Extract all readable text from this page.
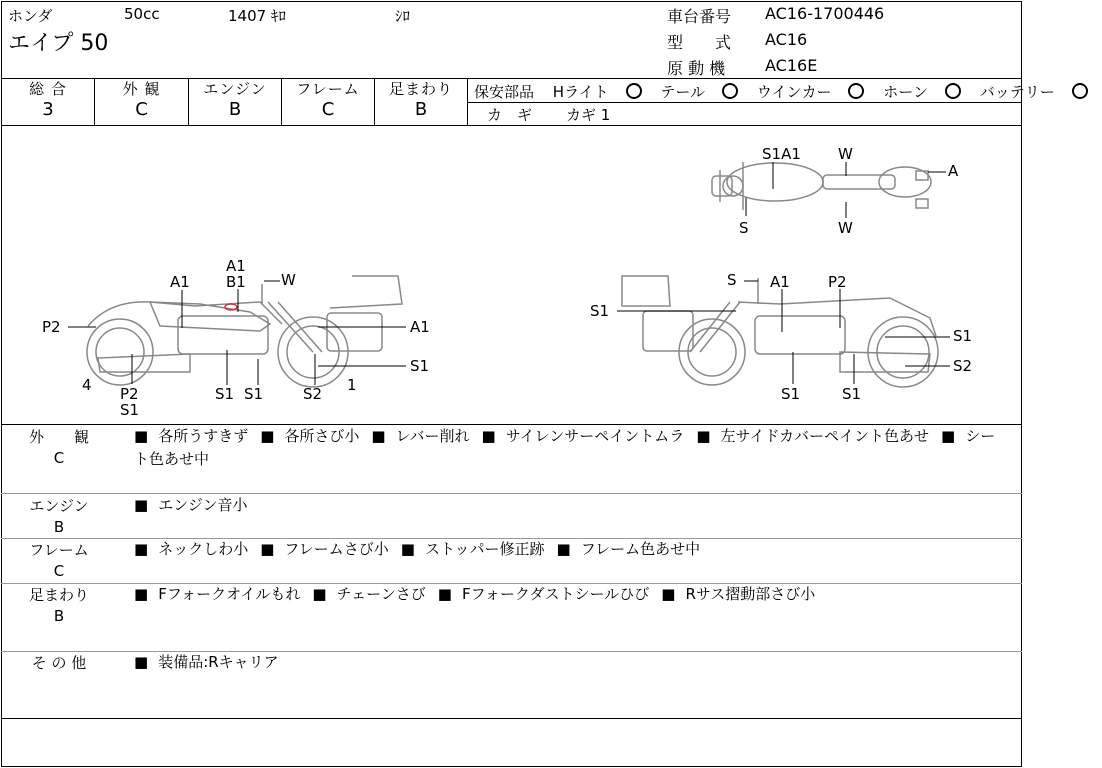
ホンダ	50cc	1407 ｷﾛ	ｼﾛ
エイプ 50
車台番号 AC16-1700446
型　　式 AC16
原 動 機 AC16E
総 合
3
外 観
C
エンジン
B
フレーム
C
足まわり
B
保安部品 Hライト	テール	ウインカー	ホーン	バッテリー
カ　ギ カギ 1
S1A1 W
A
S	W
A1
B1 W
A1
P2	A1
S1
4 P2
S1
S1 S1	S2 1
S A1	P2
S1
S1
S2
S1	S1
外　　観
C
■ 各所うすきず ■ 各所さび小 ■ レバー削れ ■ サイレンサーペイントムラ ■ 左サイドカバーペイント色あせ ■ シート色あせ中
エンジン
B
■ エンジン音小
フレーム
C
■ ネックしわ小 ■ フレームさび小 ■ ストッパー修正跡 ■ フレーム色あせ中
足まわり
B
■ Fフォークオイルもれ ■ チェーンさび ■ Fフォークダストシールひび ■ Rサス摺動部さび小
そ の 他	■ 装備品:Rキャリア
